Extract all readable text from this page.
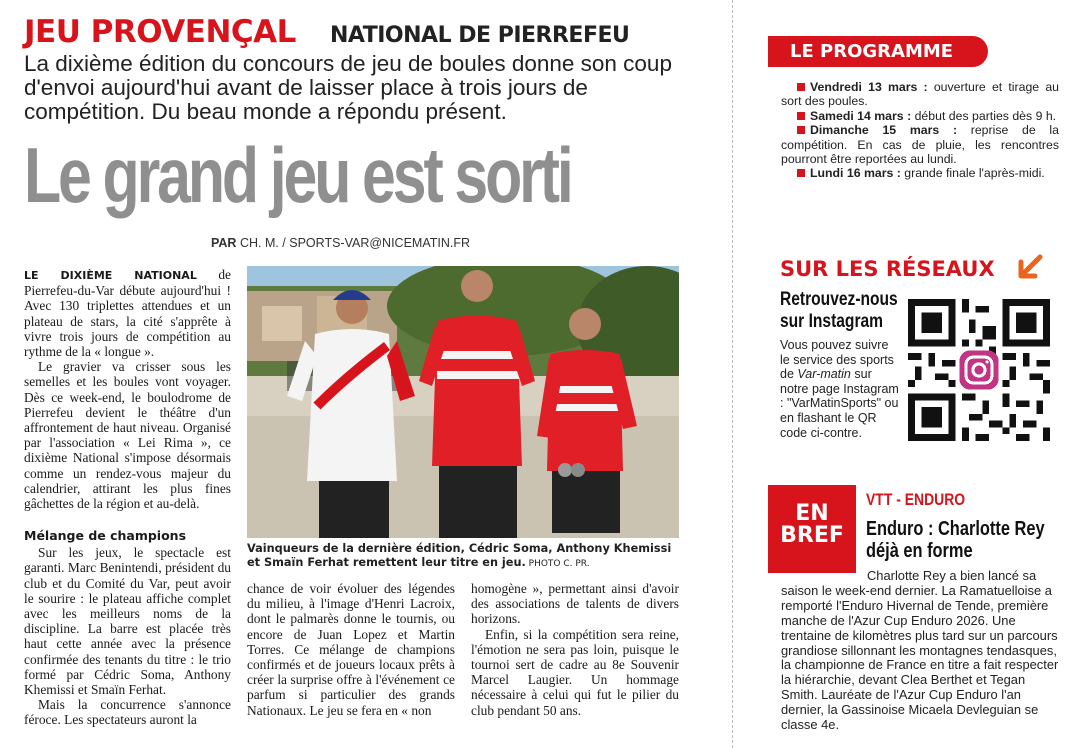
JEU PROVENÇAL NATIONAL DE PIERREFEU
La dixième édition du concours de jeu de boules donne son coup d'envoi aujourd'hui avant de laisser place à trois jours de compétition. Du beau monde a répondu présent.
Le grand jeu est sorti
PAR CH. M. / SPORTS-VAR@NICEMATIN.FR

LE DIXIÈME NATIONAL de Pierrefeu-du-Var débute aujourd'hui ! Avec 130 triplettes attendues et un plateau de stars, la cité s'apprête à vivre trois jours de compétition au rythme de la « longue ».

Le gravier va crisser sous les semelles et les boules vont voyager. Dès ce week-end, le boulodrome de Pierrefeu devient le théâtre d'un affrontement de haut niveau. Organisé par l'association « Lei Rima », ce dixième National s'impose désormais comme un rendez-vous majeur du calendrier, attirant les plus fines gâchettes de la région et au-delà.

Mélange de champions

Sur les jeux, le spectacle est garanti. Marc Benintendi, président du club et du Comité du Var, peut avoir le sourire : le plateau affiche complet avec les meilleurs noms de la discipline. La barre est placée très haut cette année avec la présence confirmée des tenants du titre : le trio formé par Cédric Soma, Anthony Khemissi et Smaïn Ferhat.

Mais la concurrence s'annonce féroce. Les spectateurs auront la

Vainqueurs de la dernière édition, Cédric Soma, Anthony Khemissi et Smaïn Ferhat remettent leur titre en jeu. PHOTO C. PR.

chance de voir évoluer des légendes du milieu, à l'image d'Henri Lacroix, dont le palmarès donne le tournis, ou encore de Juan Lopez et Martin Torres. Ce mélange de champions confirmés et de joueurs locaux prêts à créer la surprise offre à l'événement ce parfum si particulier des grands Nationaux. Le jeu se fera en « non

homogène », permettant ainsi d'avoir des associations de talents de divers horizons.

Enfin, si la compétition sera reine, l'émotion ne sera pas loin, puisque le tournoi sert de cadre au 8e Souvenir Marcel Laugier. Un hommage nécessaire à celui qui fut le pilier du club pendant 50 ans.

LE PROGRAMME

Vendredi 13 mars : ouverture et tirage au sort des poules.

Samedi 14 mars : début des parties dès 9 h.

Dimanche 15 mars : reprise de la compétition. En cas de pluie, les rencontres pourront être reportées au lundi.

Lundi 16 mars : grande finale l'après-midi.

SUR LES RÉSEAUX
Retrouvez-nous sur Instagram
Vous pouvez suivre le service des sports de Var-matin sur notre page Instagram : "VarMatinSports" ou en flashant le QR code ci-contre.
EN BREF
VTT - ENDURO
Enduro : Charlotte Rey déjà en forme

Charlotte Rey a bien lancé sa saison le week-end dernier. La Ramatuelloise a remporté l'Enduro Hivernal de Tende, première manche de l'Azur Cup Enduro 2026. Une trentaine de kilomètres plus tard sur un parcours grandiose sillonnant les montagnes tendasques, la championne de France en titre a fait respecter la hiérarchie, devant Clea Berthet et Tegan Smith. Lauréate de l'Azur Cup Enduro l'an dernier, la Gassinoise Micaela Devleguian se classe 4e.
